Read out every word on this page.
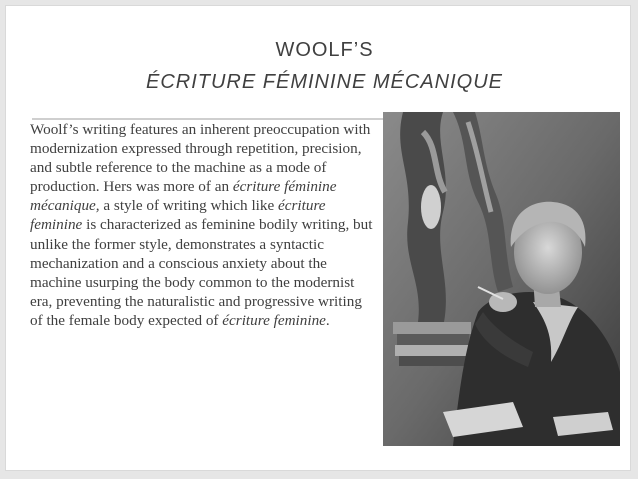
WOOLF’S
ÉCRITURE FÉMININE MÉCANIQUE
Woolf’s writing features an inherent preoccupation with modernization expressed through repetition, precision, and subtle reference to the machine as a mode of production. Hers was more of an écriture féminine mécanique, a style of writing which like écriture feminine is characterized as feminine bodily writing, but unlike the former style, demonstrates a syntactic mechanization and a conscious anxiety about the machine usurping the body common to the modernist era, preventing the naturalistic and progressive writing of the female body expected of écriture feminine.
